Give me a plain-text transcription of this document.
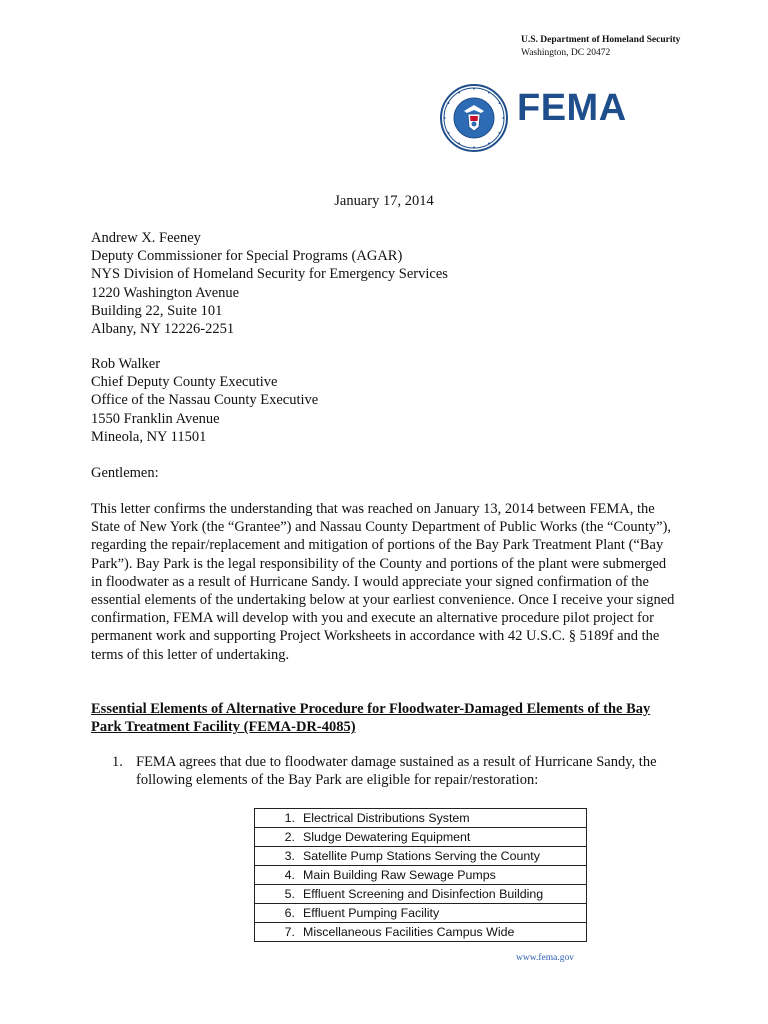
U.S. Department of Homeland Security
Washington, DC 20472
FEMA
January 17, 2014
Andrew X. Feeney
Deputy Commissioner for Special Programs (AGAR)
NYS Division of Homeland Security for Emergency Services
1220 Washington Avenue
Building 22, Suite 101
Albany, NY 12226-2251
Rob Walker
Chief Deputy County Executive
Office of the Nassau County Executive
1550 Franklin Avenue
Mineola, NY 11501
Gentlemen:
This letter confirms the understanding that was reached on January 13, 2014 between FEMA, the
State of New York (the “Grantee”) and Nassau County Department of Public Works (the “County”),
regarding the repair/replacement and mitigation of portions of the Bay Park Treatment Plant (“Bay
Park”). Bay Park is the legal responsibility of the County and portions of the plant were submerged
in floodwater as a result of Hurricane Sandy. I would appreciate your signed confirmation of the
essential elements of the undertaking below at your earliest convenience. Once I receive your signed
confirmation, FEMA will develop with you and execute an alternative procedure pilot project for
permanent work and supporting Project Worksheets in accordance with 42 U.S.C. § 5189f and the
terms of this letter of undertaking.
Essential Elements of Alternative Procedure for Floodwater-Damaged Elements of the Bay
Park Treatment Facility (FEMA-DR-4085)
1. FEMA agrees that due to floodwater damage sustained as a result of Hurricane Sandy, the
following elements of the Bay Park are eligible for repair/restoration:
1. Electrical Distributions System
2. Sludge Dewatering Equipment
3. Satellite Pump Stations Serving the County
4. Main Building Raw Sewage Pumps
5. Effluent Screening and Disinfection Building
6. Effluent Pumping Facility
7. Miscellaneous Facilities Campus Wide
www.fema.gov
